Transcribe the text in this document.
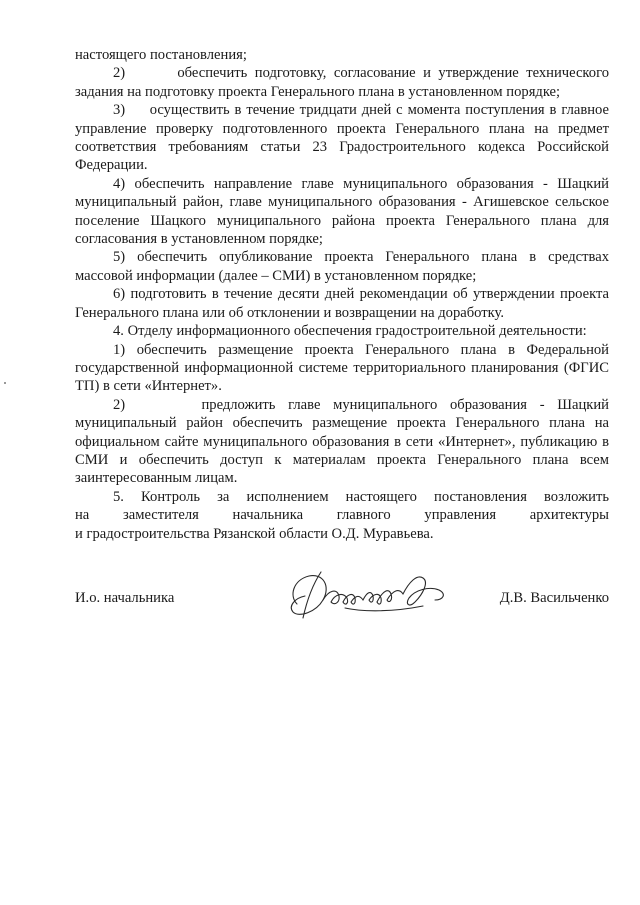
настоящего постановления;

2)       обеспечить подготовку, согласование и утверждение технического задания на подготовку проекта Генерального плана в установленном порядке;

3)     осуществить в течение тридцати дней с момента поступления в главное управление проверку подготовленного проекта Генерального плана на предмет соответствия требованиям статьи 23 Градостроительного кодекса Российской Федерации.

4) обеспечить направление главе муниципального образования - Шацкий муниципальный район, главе муниципального образования - Агишевское сельское поселение Шацкого муниципального района проекта Генерального плана для согласования в установленном порядке;

5) обеспечить опубликование проекта Генерального плана в средствах массовой информации (далее – СМИ) в установленном порядке;

6) подготовить в течение десяти дней рекомендации об утверждении проекта Генерального плана или об отклонении и возвращении на доработку.

4. Отделу информационного обеспечения градостроительной деятельности:

1) обеспечить размещение проекта Генерального плана в Федеральной государственной информационной системе территориального планирования (ФГИС ТП) в сети «Интернет».

2)      предложить главе муниципального образования - Шацкий муниципальный район обеспечить размещение проекта Генерального плана на официальном сайте муниципального образования в сети «Интернет», публикацию в СМИ и обеспечить доступ к материалам проекта Генерального плана всем заинтересованным лицам.

5. Контроль за исполнением настоящего постановления возложить

на заместителя начальника главного управления архитектуры

и градостроительства Рязанской области О.Д. Муравьева.

И.о. начальника	Д.В. Васильченко
